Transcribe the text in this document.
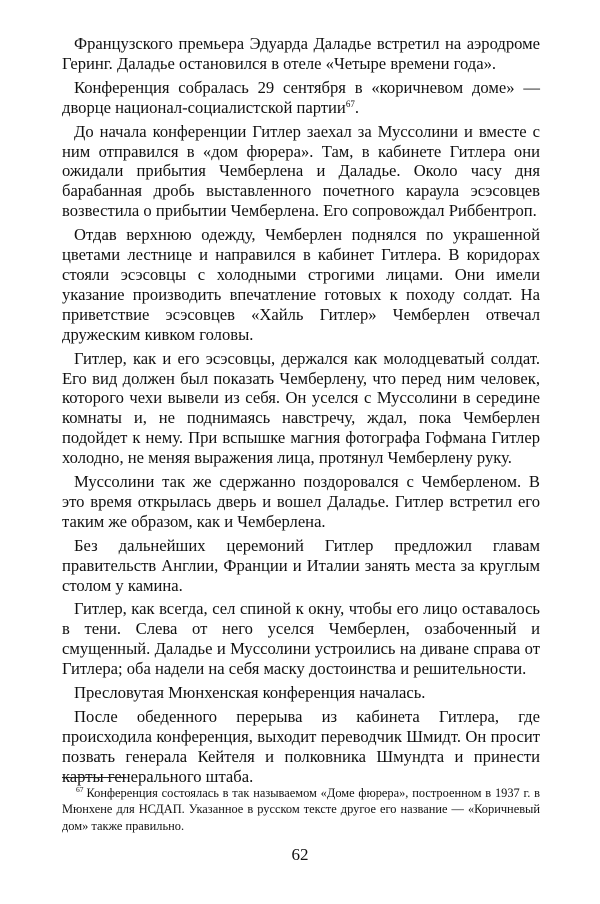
Французского премьера Эдуарда Даладье встретил на аэродроме Геринг. Даладье остановился в отеле «Четыре времени года».

Конференция собралась 29 сентября в «коричневом доме» — дворце национал-социалистской партии$^{67}$.

До начала конференции Гитлер заехал за Муссолини и вместе с ним отправился в «дом фюрера». Там, в кабинете Гитлера они ожидали прибытия Чемберлена и Даладье. Около часу дня барабанная дробь выставленного почетного караула эсэсовцев возвестила о прибытии Чемберлена. Его сопровождал Риббентроп.

Отдав верхнюю одежду, Чемберлен поднялся по украшенной цветами лестнице и направился в кабинет Гитлера. В коридорах стояли эсэсовцы с холодными строгими лицами. Они имели указание производить впечатление готовых к походу солдат. На приветствие эсэсовцев «Хайль Гитлер» Чемберлен отвечал дружеским кивком головы.

Гитлер, как и его эсэсовцы, держался как молодцеватый солдат. Его вид должен был показать Чемберлену, что перед ним человек, которого чехи вывели из себя. Он уселся с Муссолини в середине комнаты и, не поднимаясь навстречу, ждал, пока Чемберлен подойдет к нему. При вспышке магния фотографа Гофмана Гитлер холодно, не меняя выражения лица, протянул Чемберлену руку.

Муссолини так же сдержанно поздоровался с Чемберленом. В это время открылась дверь и вошел Даладье. Гитлер встретил его таким же образом, как и Чемберлена.

Без дальнейших церемоний Гитлер предложил главам правительств Англии, Франции и Италии занять места за круглым столом у камина.

Гитлер, как всегда, сел спиной к окну, чтобы его лицо оставалось в тени. Слева от него уселся Чемберлен, озабоченный и смущенный. Даладье и Муссолини устроились на диване справа от Гитлера; оба надели на себя маску достоинства и решительности.

Пресловутая Мюнхенская конференция началась.

После обеденного перерыва из кабинета Гитлера, где происходила конференция, выходит переводчик Шмидт. Он просит позвать генерала Кейтеля и полковника Шмундта и принести карты генерального штаба.

$^{67}$ Конференция состоялась в так называемом «Доме фюрера», построенном в 1937 г. в Мюнхене для НСДАП. Указанное в русском тексте другое его название — «Коричневый дом» также правильно.

62
